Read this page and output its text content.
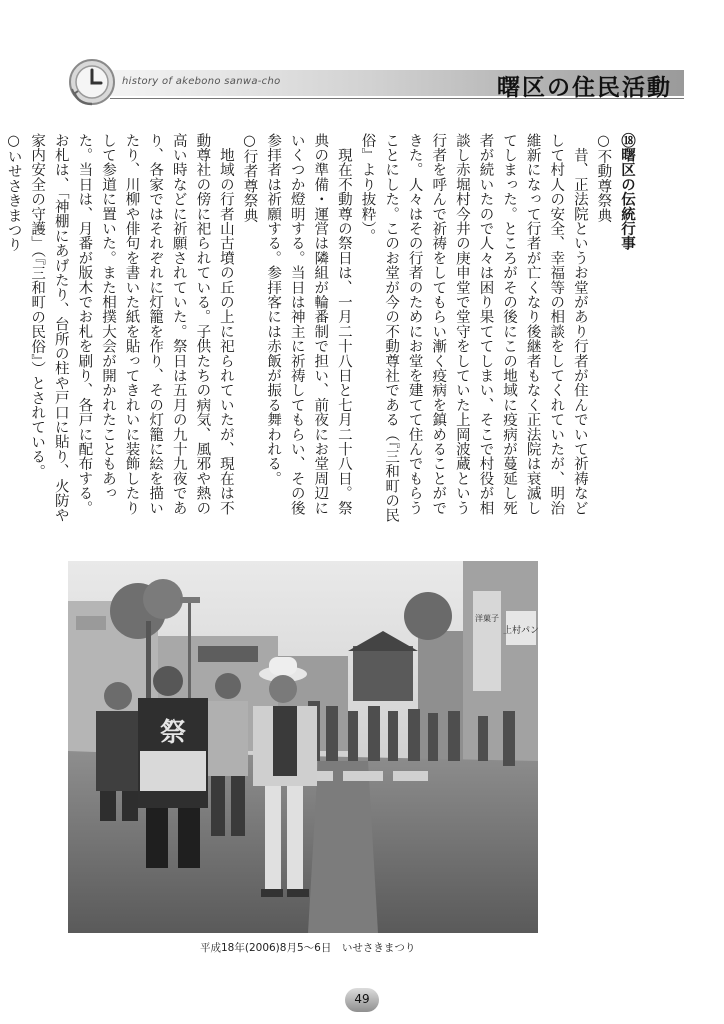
history of akebono sanwa-cho	曙区の住民活動

⑱曙区の伝統行事

○不動尊祭典

　昔、正法院というお堂があり行者が住んでいて祈祷などして村人の安全、幸福等の相談をしてくれていたが、明治維新になって行者が亡くなり後継者もなく正法院は衰滅してしまった。ところがその後にこの地域に疫病が蔓延し死者が続いたので人々は困り果ててしまい、そこで村役が相談し赤堀村今井の庚申堂で堂守をしていた上岡波蔵という行者を呼んで祈祷をしてもらい漸く疫病を鎮めることができた。人々はその行者のためにお堂を建てて住んでもらうことにした。このお堂が今の不動尊社である（『三和町の民俗』より抜粋）。

　現在不動尊の祭日は、一月二十八日と七月二十八日。祭典の準備・運営は隣組が輪番制で担い、前夜にお堂周辺にいくつか燈明する。当日は神主に祈祷してもらい、その後参拝者は祈願する。参拝客には赤飯が振る舞われる。

○行者尊祭典

　地域の行者山古墳の丘の上に祀られていたが、現在は不動尊社の傍に祀られている。子供たちの病気、風邪や熱の高い時などに祈願されていた。祭日は五月の九十九夜であり、各家ではそれぞれに灯籠を作り、その灯籠に絵を描いたり、川柳や俳句を書いた紙を貼ってきれいに装飾したりして参道に置いた。また相撲大会が開かれたこともあった。当日は、月番が版木でお札を刷り、各戸に配布する。お札は、「神棚にあげたり、台所の柱や戸口に貼り、火防や家内安全の守護」（『三和町の民俗』）とされている。

○いせさきまつり

上村パン
洋菓子
祭
平成18年(2006)8月5〜6日　いせさきまつり

49
